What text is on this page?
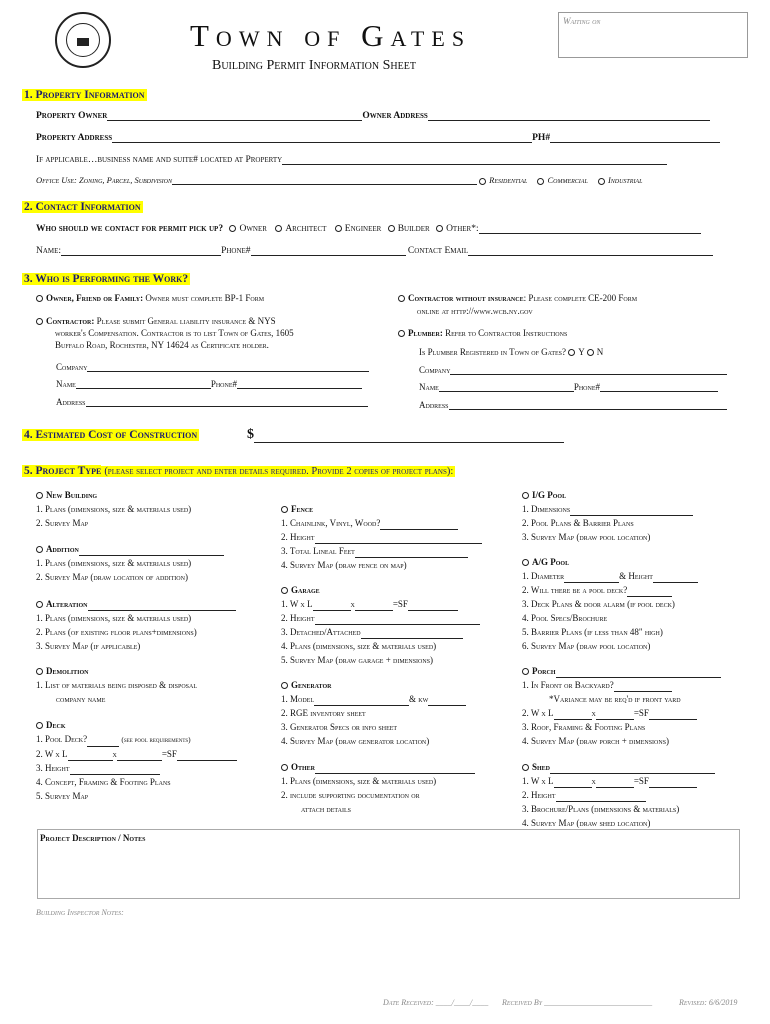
Town of Gates
Building Permit Information Sheet
Waiting on
1. Property Information
Property Owner	Owner Address
Property Address	PH#
If applicable…business name and suite# located at Property
Office Use: Zoning, Parcel, Subdivision	Residential Commercial Industrial
2. Contact Information
Who should we contact for permit pick up? Owner Architect Engineer Builder Other*:
Name:	Phone#	Contact Email
3. Who is Performing the Work?
Owner, Friend or Family: Owner must complete BP-1 Form
Contractor: Please submit General liability insurance & NYS
worker's Compensation. Contractor is to list Town of Gates, 1605
Buffalo Road, Rochester, NY 14624 as Certificate holder.
Company
Name	Phone#
Address
Contractor without insurance: Please complete CE-200 Form
online at http://www.wcb.ny.gov
Plumber: Refer to Contractor Instructions
Is Plumber Registered in Town of Gates? Y N
Company
Name	Phone#
Address
4. Estimated Cost of Construction	$
5. Project Type (please select project and enter details required. Provide 2 copies of project plans):
New Building
1. Plans (dimensions, size & materials used)
2. Survey Map
Addition
1. Plans (dimensions, size & materials used)
2. Survey Map (draw location of addition)
Alteration
1. Plans (dimensions, size & materials used)
2. Plans (of existing floor plans+dimensions)
3. Survey Map (if applicable)
Demolition
1. List of materials being disposed & disposal
company name
Deck
1. Pool Deck?	(see pool requirements)
2. W x L	x	=SF
3. Height
4. Concept, Framing & Footing Plans
5. Survey Map
Fence
1. Chainlink, Vinyl, Wood?
2. Height
3. Total Lineal Feet
4. Survey Map (draw fence on map)
Garage
1. W x L	x	=SF
2. Height
3. Detached/Attached
4. Plans (dimensions, size & materials used)
5. Survey Map (draw garage + dimensions)
Generator
1. Model	& kw
2. RGE inventory sheet
3. Generator Specs or info sheet
4. Survey Map (draw generator location)
Other
1. Plans (dimensions, size & materials used)
2. include supporting documentation or
attach details
I/G Pool
1. Dimensions
2. Pool Plans & Barrier Plans
3. Survey Map (draw pool location)
A/G Pool
1. Diameter	& Height
2. Will there be a pool deck?
3. Deck Plans & door alarm (if pool deck)
4. Pool Specs/Brochure
5. Barrier Plans (if less than 48" high)
6. Survey Map (draw pool location)
Porch
1. In Front or Backyard?
*Variance may be req'd if front yard
2. W x L	x	=SF
3. Roof, Framing & Footing Plans
4. Survey Map (draw porch + dimensions)
Shed
1. W x L	x	=SF
2. Height
3. Brochure/Plans (dimensions & materials)
4. Survey Map (draw shed location)
Project Description / Notes
Building Inspector Notes:
Date Received: ____/____/____ Received By ___________________________	Revised: 6/6/2019
